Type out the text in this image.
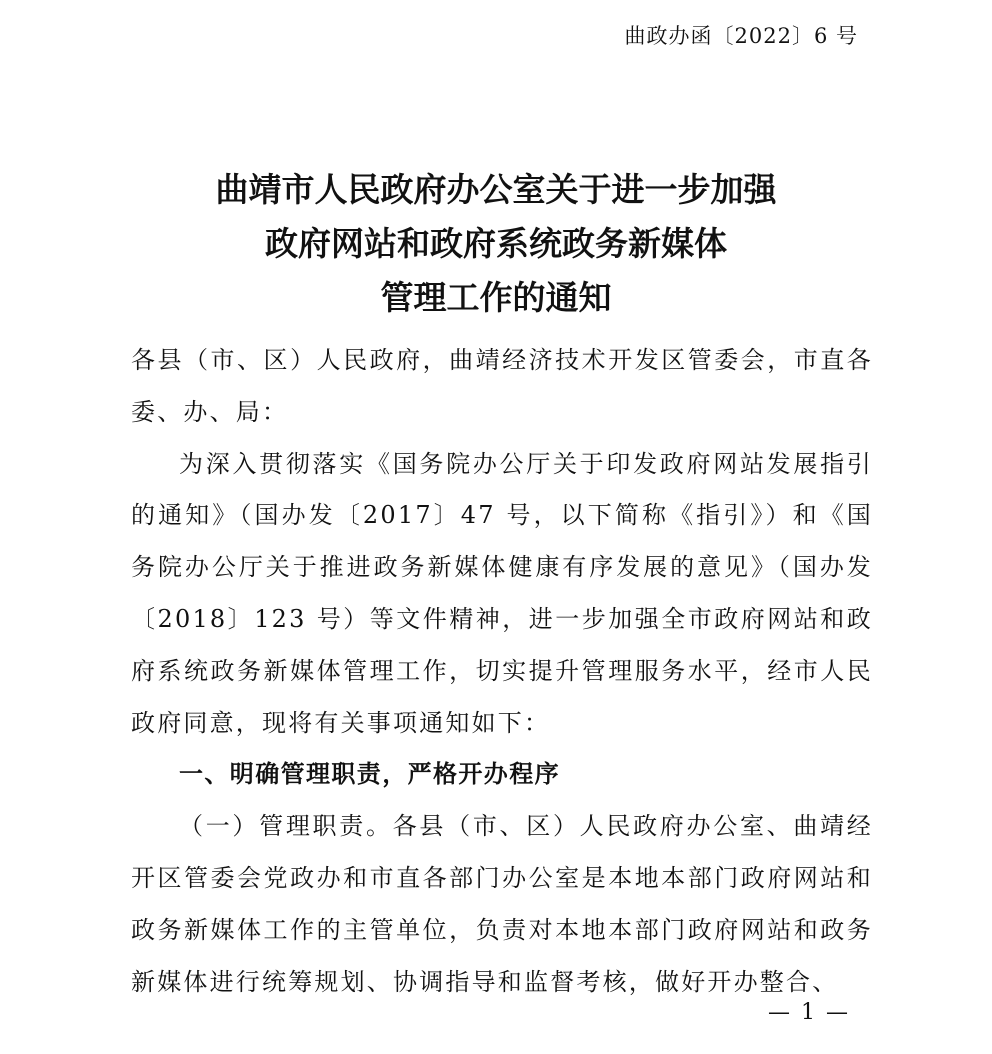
曲政办函〔2022〕6 号
曲靖市人民政府办公室关于进一步加强
政府网站和政府系统政务新媒体
管理工作的通知

各县（市、区）人民政府，曲靖经济技术开发区管委会，市直各委、办、局：

为深入贯彻落实《国务院办公厅关于印发政府网站发展指引的通知》（国办发〔2017〕47 号，以下简称《指引》）和《国务院办公厅关于推进政务新媒体健康有序发展的意见》（国办发〔2018〕123 号）等文件精神，进一步加强全市政府网站和政府系统政务新媒体管理工作，切实提升管理服务水平，经市人民政府同意，现将有关事项通知如下：

一、明确管理职责，严格开办程序

（一）管理职责。各县（市、区）人民政府办公室、曲靖经开区管委会党政办和市直各部门办公室是本地本部门政府网站和政务新媒体工作的主管单位，负责对本地本部门政府网站和政务新媒体进行统筹规划、协调指导和监督考核，做好开办整合、

— 1 —
